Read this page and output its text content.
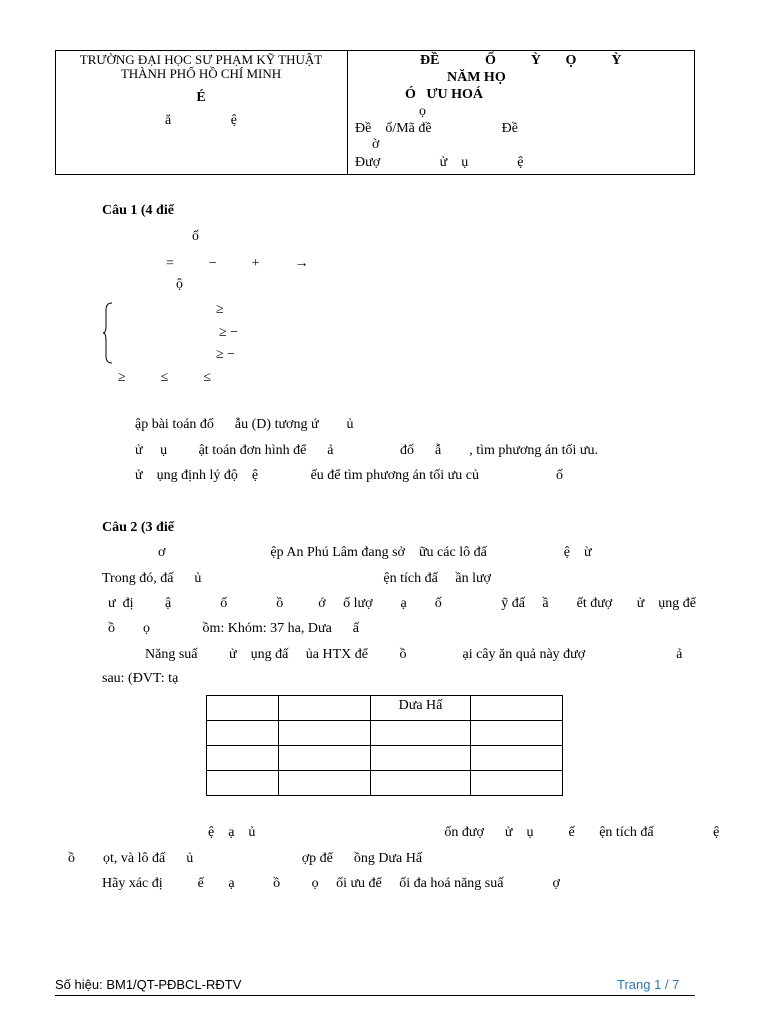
TRƯỜNG ĐẠI HỌC SƯ PHẠM KỸ THUẬT
THÀNH PHỐ HỒ CHÍ MINH
É
ă                 ệ
ĐỀ             Ố          Ỳ       Ọ          Ỳ
NĂM HỌ
Ó   ƯU HOÁ
ọ
Đề    ố/Mã đề                    Đề
ờ
Đượ                 ử    ụ              ệ
Câu 1 (4 điể
ố
=          −          +          →
ộ
≥
≥ −
≥ −
≥          ≤          ≤
ập bài toán đố      ẫu (D) tương ứ        ủ
ử     ụ         ật toán đơn hình để      ả                   đố      ẫ        , tìm phương án tối ưu.
ử    ụng định lý độ    ệ               ếu để tìm phương án tối ưu củ                      ố
Câu 2 (3 điể
ơ                              ệp An Phú Lâm đang sở    ữu các lô đấ                      ệ    ừ
Trong đó, đấ      ủ                                                    ện tích đấ     ần lượ
ư  đị         ậ              ố              ồ          ớ     ố lượ        ạ        ố                 ỹ đấ     ầ        ết đượ       ử    ụng để
ồ        ọ               ồm: Khóm: 37 ha, Dưa      ấ
Năng suấ         ử    ụng đấ     ủa HTX để         ồ                ại cây ăn quả này đượ                          ả
sau: (ĐVT: tạ
		Dưa Hấ	

ệ    ạ    ủ                                                      ốn đượ      ử    ụ          ế       ện tích đấ                 ệ
ồ        ọt, và lô đấ      ủ                               ợp để      ồng Dưa Hấ
Hãy xác đị          ế       ạ           ồ         ọ     ối ưu để     ối đa hoá năng suấ              ợ
Số hiệu: BM1/QT-PĐBCL-RĐTV	Trang 1 / 7
